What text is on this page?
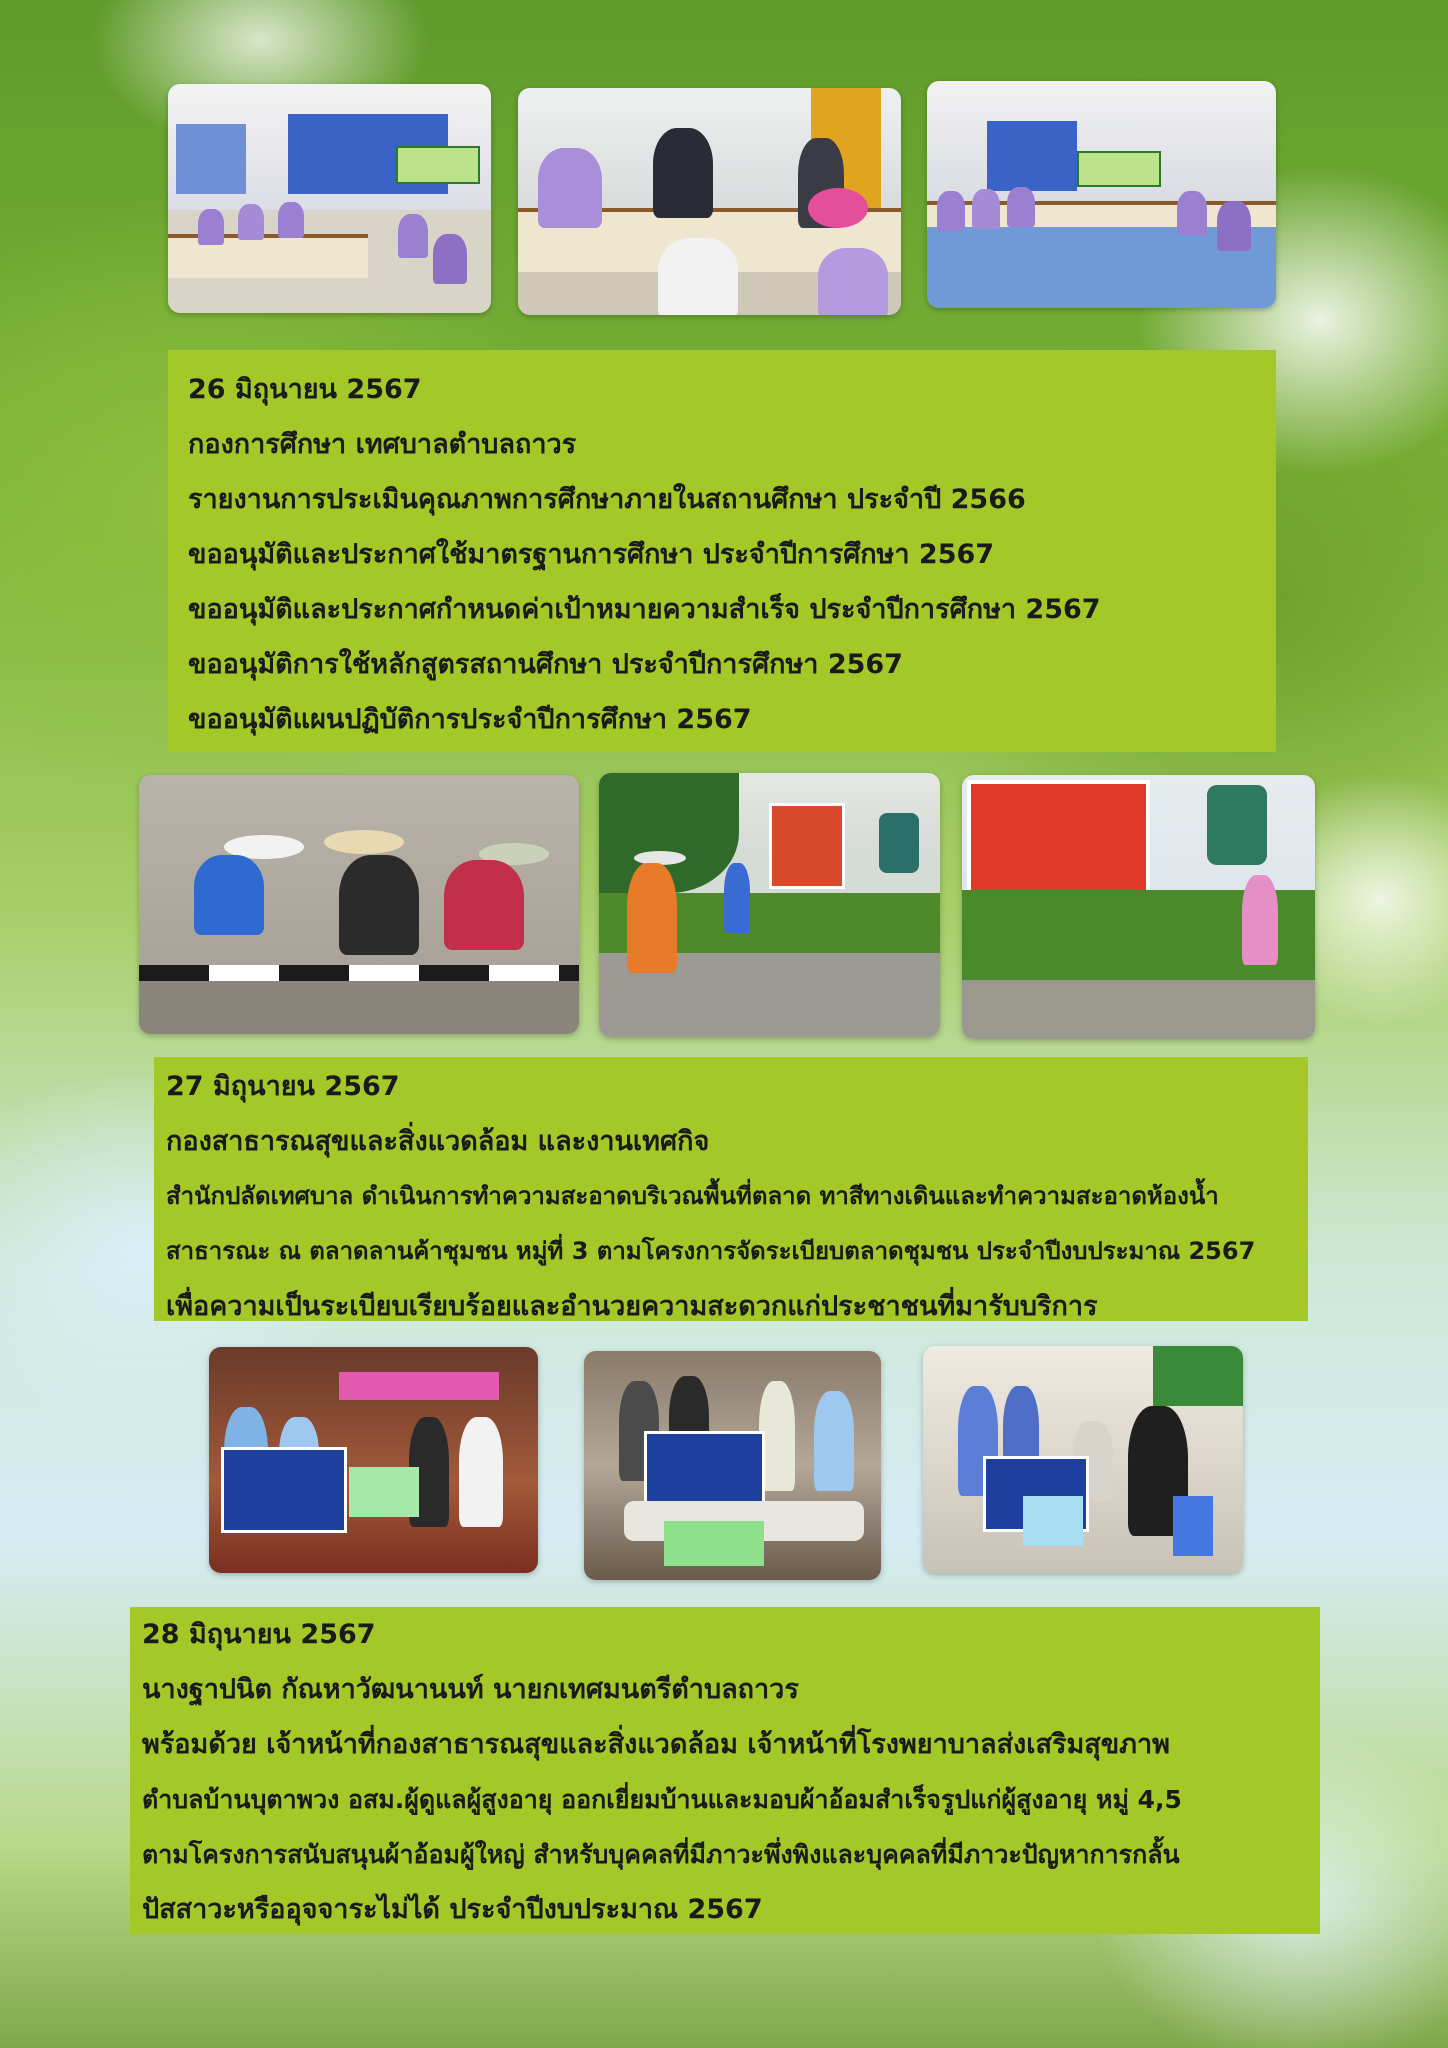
26 มิถุนายน 2567
กองการศึกษา เทศบาลตำบลถาวร
รายงานการประเมินคุณภาพการศึกษาภายในสถานศึกษา ประจำปี 2566
ขออนุมัติและประกาศใช้มาตรฐานการศึกษา ประจำปีการศึกษา 2567
ขออนุมัติและประกาศกำหนดค่าเป้าหมายความสำเร็จ ประจำปีการศึกษา 2567
ขออนุมัติการใช้หลักสูตรสถานศึกษา ประจำปีการศึกษา 2567
ขออนุมัติแผนปฏิบัติการประจำปีการศึกษา 2567
27 มิถุนายน 2567
กองสาธารณสุขและสิ่งแวดล้อม และงานเทศกิจ
สำนักปลัดเทศบาล ดำเนินการทำความสะอาดบริเวณพื้นที่ตลาด ทาสีทางเดินและทำความสะอาดห้องน้ำ
สาธารณะ ณ ตลาดลานค้าชุมชน หมู่ที่ 3 ตามโครงการจัดระเบียบตลาดชุมชน ประจำปีงบประมาณ 2567
เพื่อความเป็นระเบียบเรียบร้อยและอำนวยความสะดวกแก่ประชาชนที่มารับบริการ
28 มิถุนายน 2567
นางฐาปนิต กัณหาวัฒนานนท์ นายกเทศมนตรีตำบลถาวร
พร้อมด้วย เจ้าหน้าที่กองสาธารณสุขและสิ่งแวดล้อม เจ้าหน้าที่โรงพยาบาลส่งเสริมสุขภาพ
ตำบลบ้านบุตาพวง อสม.ผู้ดูแลผู้สูงอายุ ออกเยี่ยมบ้านและมอบผ้าอ้อมสำเร็จรูปแก่ผู้สูงอายุ หมู่ 4,5
ตามโครงการสนับสนุนผ้าอ้อมผู้ใหญ่ สำหรับบุคคลที่มีภาวะพึ่งพิงและบุคคลที่มีภาวะปัญหาการกลั้น
ปัสสาวะหรืออุจจาระไม่ได้ ประจำปีงบประมาณ 2567
